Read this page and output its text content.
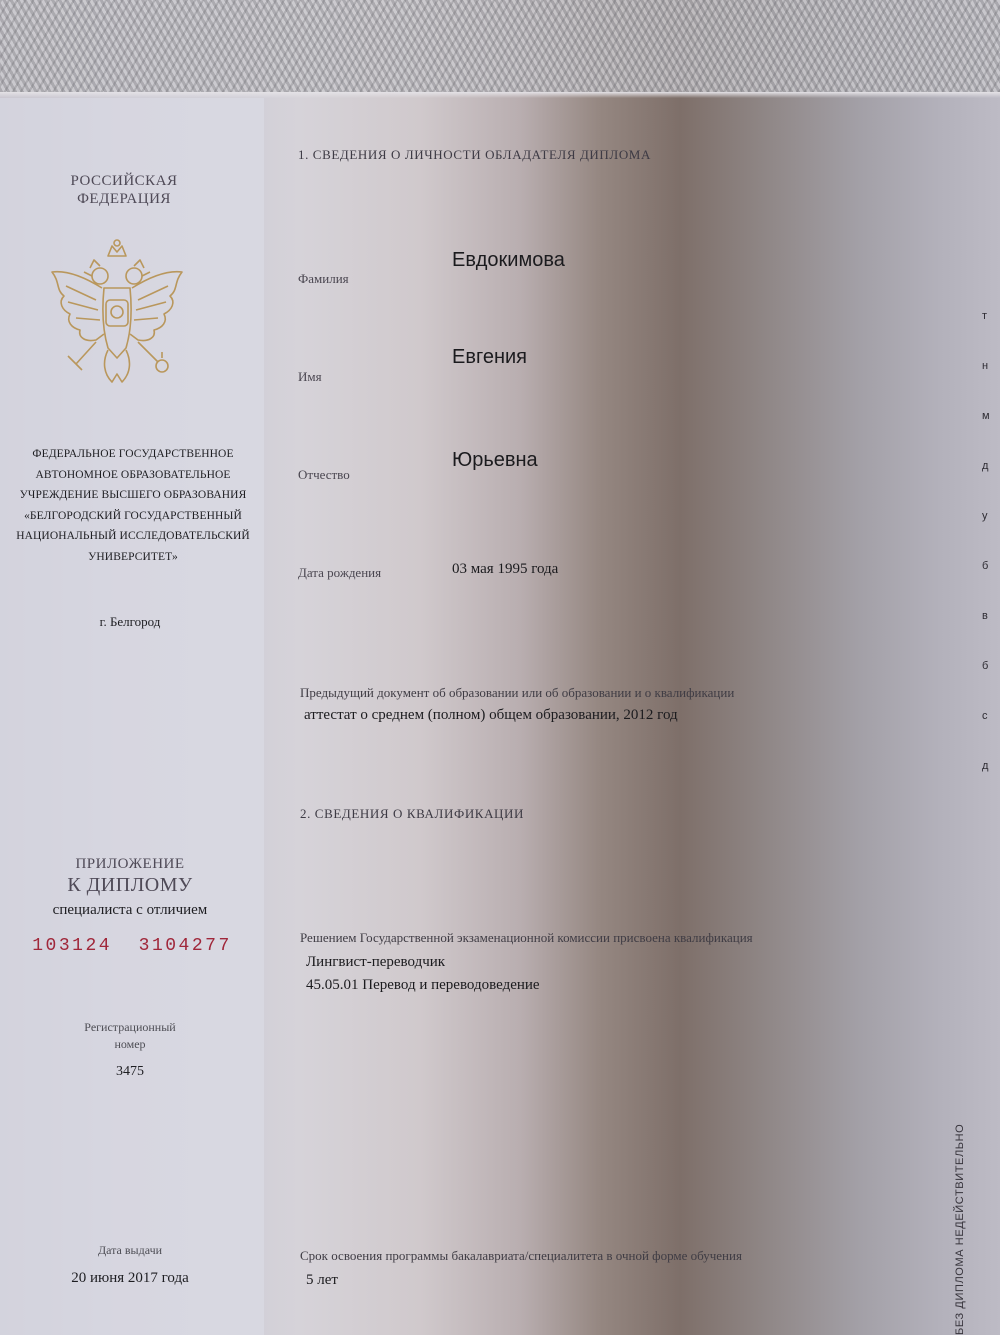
РОССИЙСКАЯ
ФЕДЕРАЦИЯ
ФЕДЕРАЛЬНОЕ ГОСУДАРСТВЕННОЕ
АВТОНОМНОЕ ОБРАЗОВАТЕЛЬНОЕ
УЧРЕЖДЕНИЕ ВЫСШЕГО ОБРАЗОВАНИЯ
«БЕЛГОРОДСКИЙ ГОСУДАРСТВЕННЫЙ
НАЦИОНАЛЬНЫЙ ИССЛЕДОВАТЕЛЬСКИЙ
УНИВЕРСИТЕТ»
г. Белгород
ПРИЛОЖЕНИЕ
К ДИПЛОМУ
специалиста с отличием
103124  3104277
Регистрационный
номер
3475
Дата выдачи
20 июня 2017 года
1. СВЕДЕНИЯ О ЛИЧНОСТИ ОБЛАДАТЕЛЯ ДИПЛОМА
Фамилия
Евдокимова
Имя
Евгения
Отчество
Юрьевна
Дата рождения	03 мая 1995 года
Предыдущий документ об образовании или об образовании и о квалификации
аттестат о среднем (полном) общем образовании, 2012 год
2. СВЕДЕНИЯ О КВАЛИФИКАЦИИ
Решением Государственной экзаменационной комиссии присвоена квалификация
Лингвист-переводчик
45.05.01 Перевод и переводоведение
Срок освоения программы бакалавриата/специалитета в очной форме обучения
5 лет	БЕЗ ДИПЛОМА НЕДЕЙСТВИТЕЛЬНО
т
н
м
д
у
б
в
б
с
д
